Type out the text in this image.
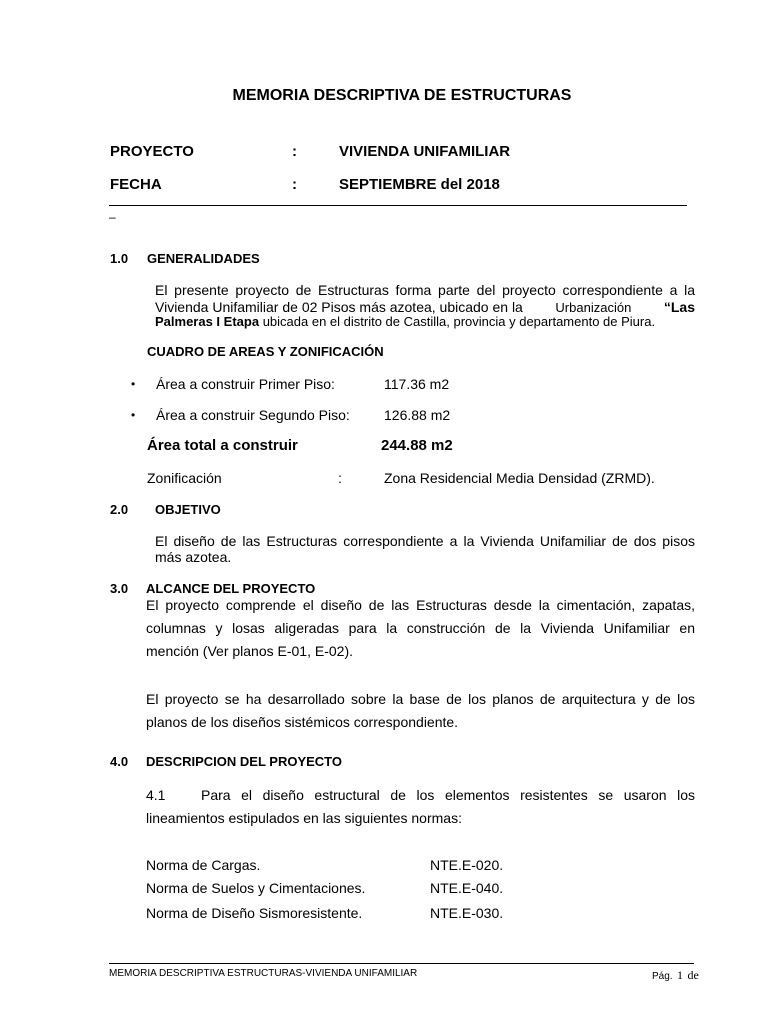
MEMORIA DESCRIPTIVA DE ESTRUCTURAS
PROYECTO	:	VIVIENDA UNIFAMILIAR
FECHA	:	SEPTIEMBRE del 2018
–
1.0 GENERALIDADES
El presente proyecto de Estructuras forma parte del proyecto correspondiente a la
Vivienda Unifamiliar de 02 Pisos más azotea, ubicado en la	Urbanización “Las
Palmeras I Etapa ubicada en el distrito de Castilla, provincia y departamento de Piura.
CUADRO DE AREAS Y ZONIFICACIÓN
• Área a construir Primer Piso:	117.36 m2
• Área a construir Segundo Piso: 126.88 m2
Área total a construir	244.88 m2
Zonificación	:	Zona Residencial Media Densidad (ZRMD).
2.0 OBJETIVO
El diseño de las Estructuras correspondiente a la Vivienda Unifamiliar de dos pisos
más azotea.
3.0 ALCANCE DEL PROYECTO
El proyecto comprende el diseño de las Estructuras desde la cimentación, zapatas,
columnas y losas aligeradas para la construcción de la Vivienda Unifamiliar en
mención (Ver planos E-01, E-02).
El proyecto se ha desarrollado sobre la base de los planos de arquitectura y de los
planos de los diseños sistémicos correspondiente.
4.0 DESCRIPCION DEL PROYECTO
4.1	Para el diseño estructural de los elementos resistentes se usaron los
lineamientos estipulados en las siguientes normas:
Norma de Cargas.	NTE.E-020.
Norma de Suelos y Cimentaciones.	NTE.E-040.
Norma de Diseño Sismoresistente.	NTE.E-030.
MEMORIA DESCRIPTIVA ESTRUCTURAS-VIVIENDA UNIFAMILIAR	Pág. 1 de
